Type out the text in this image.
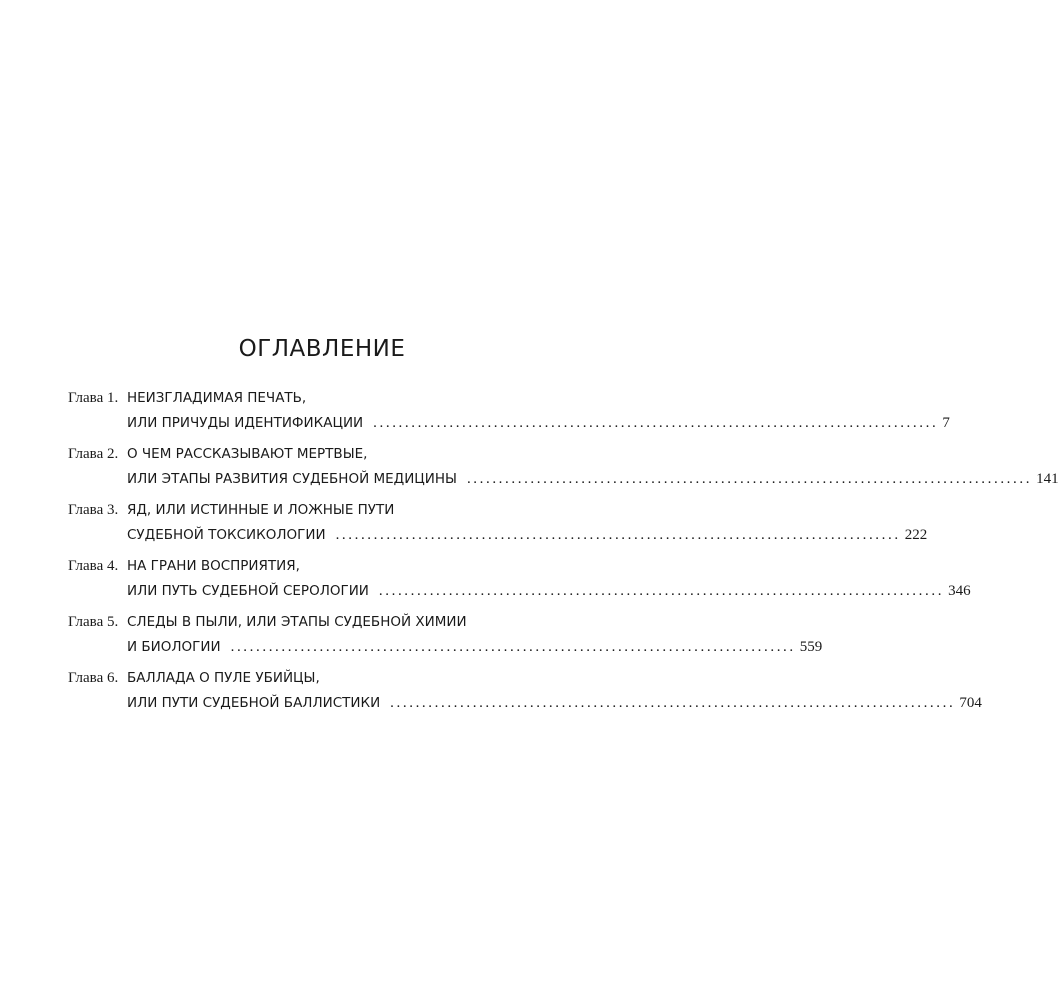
ОГЛАВЛЕНИЕ
Глава 1. НЕИЗГЛАДИМАЯ ПЕЧАТЬ,
ИЛИ ПРИЧУДЫ ИДЕНТИФИКАЦИИ ......................................................................................... 7
Глава 2. О ЧЕМ РАССКАЗЫВАЮТ МЕРТВЫЕ,
ИЛИ ЭТАПЫ РАЗВИТИЯ СУДЕБНОЙ МЕДИЦИНЫ ......................................................................................... 141
Глава 3. ЯД, ИЛИ ИСТИННЫЕ И ЛОЖНЫЕ ПУТИ
СУДЕБНОЙ ТОКСИКОЛОГИИ ......................................................................................... 222
Глава 4. НА ГРАНИ ВОСПРИЯТИЯ,
ИЛИ ПУТЬ СУДЕБНОЙ СЕРОЛОГИИ ......................................................................................... 346
Глава 5. СЛЕДЫ В ПЫЛИ, ИЛИ ЭТАПЫ СУДЕБНОЙ ХИМИИ
И БИОЛОГИИ ......................................................................................... 559
Глава 6. БАЛЛАДА О ПУЛЕ УБИЙЦЫ,
ИЛИ ПУТИ СУДЕБНОЙ БАЛЛИСТИКИ ......................................................................................... 704
